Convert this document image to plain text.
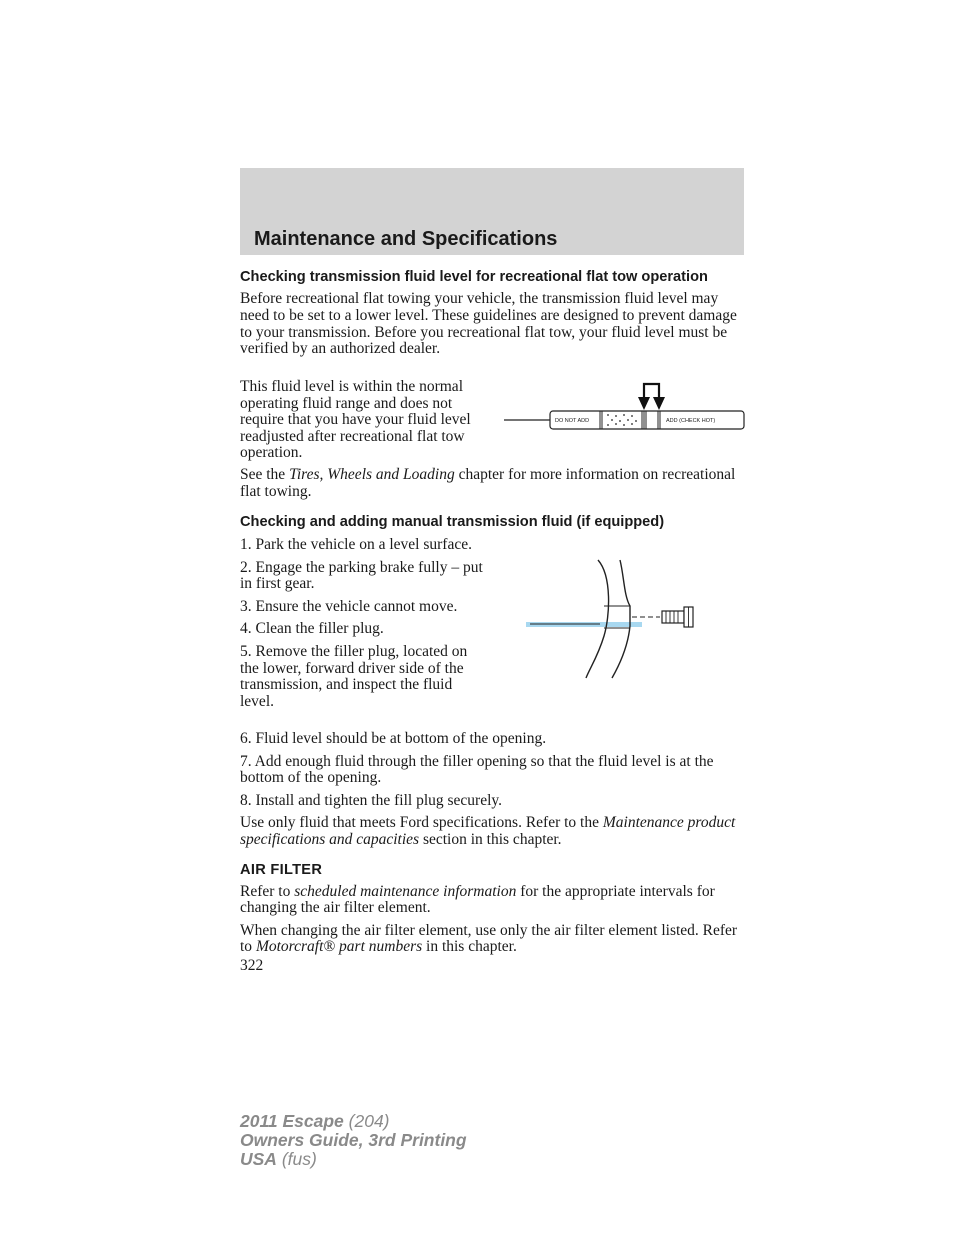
Maintenance and Specifications
Checking transmission fluid level for recreational flat tow operation

Before recreational flat towing your vehicle, the transmission fluid level may need to be set to a lower level. These guidelines are designed to prevent damage to your transmission. Before you recreational flat tow, your fluid level must be verified by an authorized dealer.

This fluid level is within the normal operating fluid range and does not require that you have your fluid level readjusted after recreational flat tow operation.

DO NOT ADD	ADD (CHECK HOT)

See the Tires, Wheels and Loading chapter for more information on recreational flat towing.

Checking and adding manual transmission fluid (if equipped)

1. Park the vehicle on a level surface.

2. Engage the parking brake fully – put in first gear.

3. Ensure the vehicle cannot move.

4. Clean the filler plug.

5. Remove the filler plug, located on the lower, forward driver side of the transmission, and inspect the fluid level.

6. Fluid level should be at bottom of the opening.

7. Add enough fluid through the filler opening so that the fluid level is at the bottom of the opening.

8. Install and tighten the fill plug securely.

Use only fluid that meets Ford specifications. Refer to the Maintenance product specifications and capacities section in this chapter.

AIR FILTER

Refer to scheduled maintenance information for the appropriate intervals for changing the air filter element.

When changing the air filter element, use only the air filter element listed. Refer to Motorcraft® part numbers in this chapter.

322

2011 Escape (204)
Owners Guide, 3rd Printing
USA (fus)
